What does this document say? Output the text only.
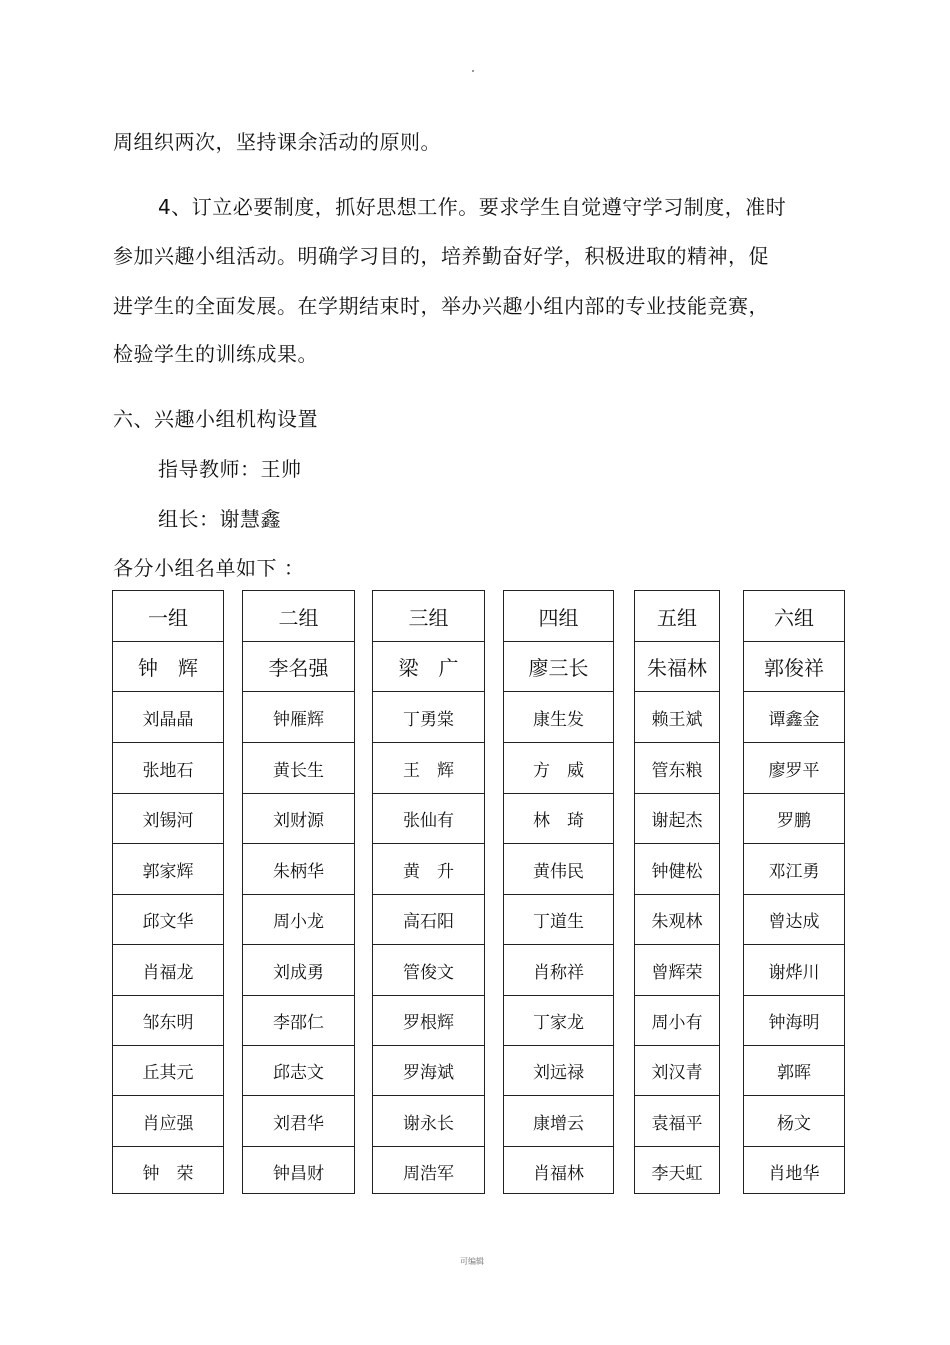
周组织两次，坚持课余活动的原则。
4、订立必要制度，抓好思想工作。要求学生自觉遵守学习制度，准时
参加兴趣小组活动。明确学习目的，培养勤奋好学，积极进取的精神，促
进学生的全面发展。在学期结束时，举办兴趣小组内部的专业技能竞赛，
检验学生的训练成果。
六、兴趣小组机构设置
指导教师：王帅
组长：谢慧鑫
各分小组名单如下 ：
一组
钟　辉
刘晶晶
张地石
刘锡河
郭家辉
邱文华
肖福龙
邹东明
丘其元
肖应强
钟　荣
二组
李名强
钟雁辉
黄长生
刘财源
朱柄华
周小龙
刘成勇
李邵仁
邱志文
刘君华
钟昌财
三组
梁　广
丁勇棠
王　辉
张仙有
黄　升
高石阳
管俊文
罗根辉
罗海斌
谢永长
周浩军
四组
廖三长
康生发
方　威
林　琦
黄伟民
丁道生
肖称祥
丁家龙
刘远禄
康增云
肖福林
五组
朱福林
赖王斌
管东粮
谢起杰
钟健松
朱观林
曾辉荣
周小有
刘汉青
袁福平
李天虹
六组
郭俊祥
谭鑫金
廖罗平
罗鹏
邓江勇
曾达成
谢烨川
钟海明
郭晖
杨文
肖地华
可编辑
